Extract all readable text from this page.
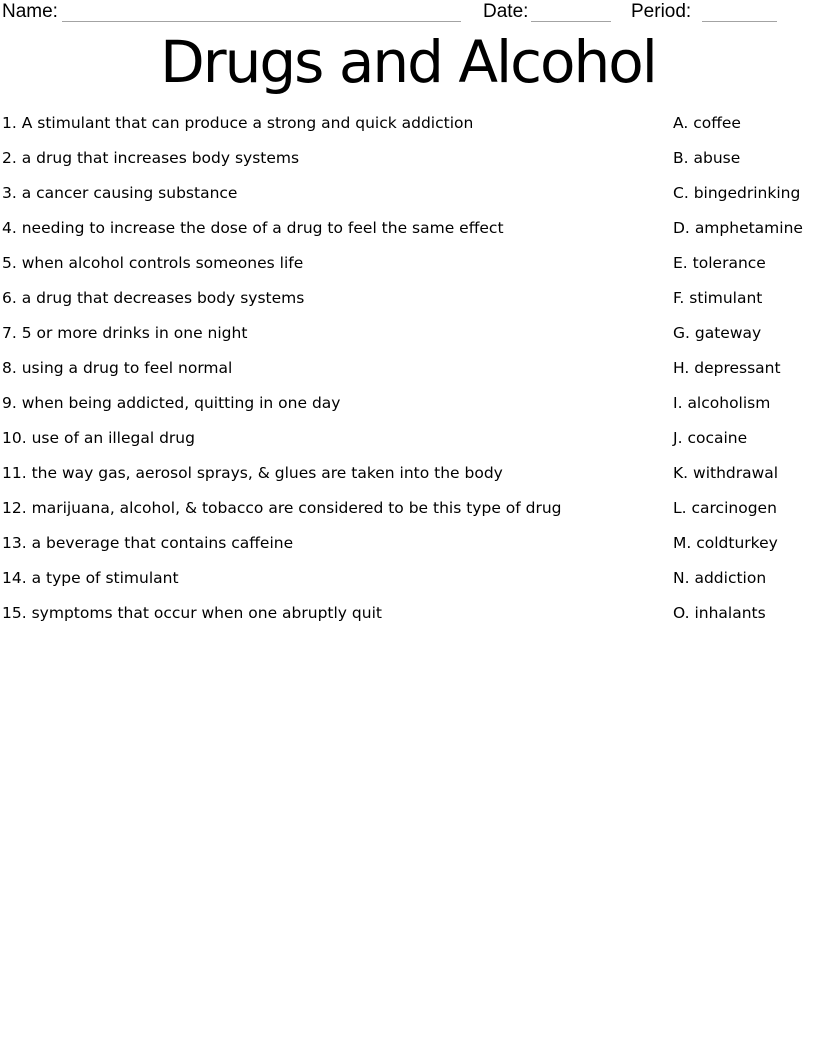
Name:	Date:	Period:
Drugs and Alcohol
1. A stimulant that can produce a strong and quick addiction	A. coffee
2. a drug that increases body systems	B. abuse
3. a cancer causing substance	C. bingedrinking
4. needing to increase the dose of a drug to feel the same effect	D. amphetamine
5. when alcohol controls someones life	E. tolerance
6. a drug that decreases body systems	F. stimulant
7. 5 or more drinks in one night	G. gateway
8. using a drug to feel normal	H. depressant
9. when being addicted, quitting in one day	I. alcoholism
10. use of an illegal drug	J. cocaine
11. the way gas, aerosol sprays, & glues are taken into the body	K. withdrawal
12. marijuana, alcohol, & tobacco are considered to be this type of drug	L. carcinogen
13. a beverage that contains caffeine	M. coldturkey
14. a type of stimulant	N. addiction
15. symptoms that occur when one abruptly quit	O. inhalants
